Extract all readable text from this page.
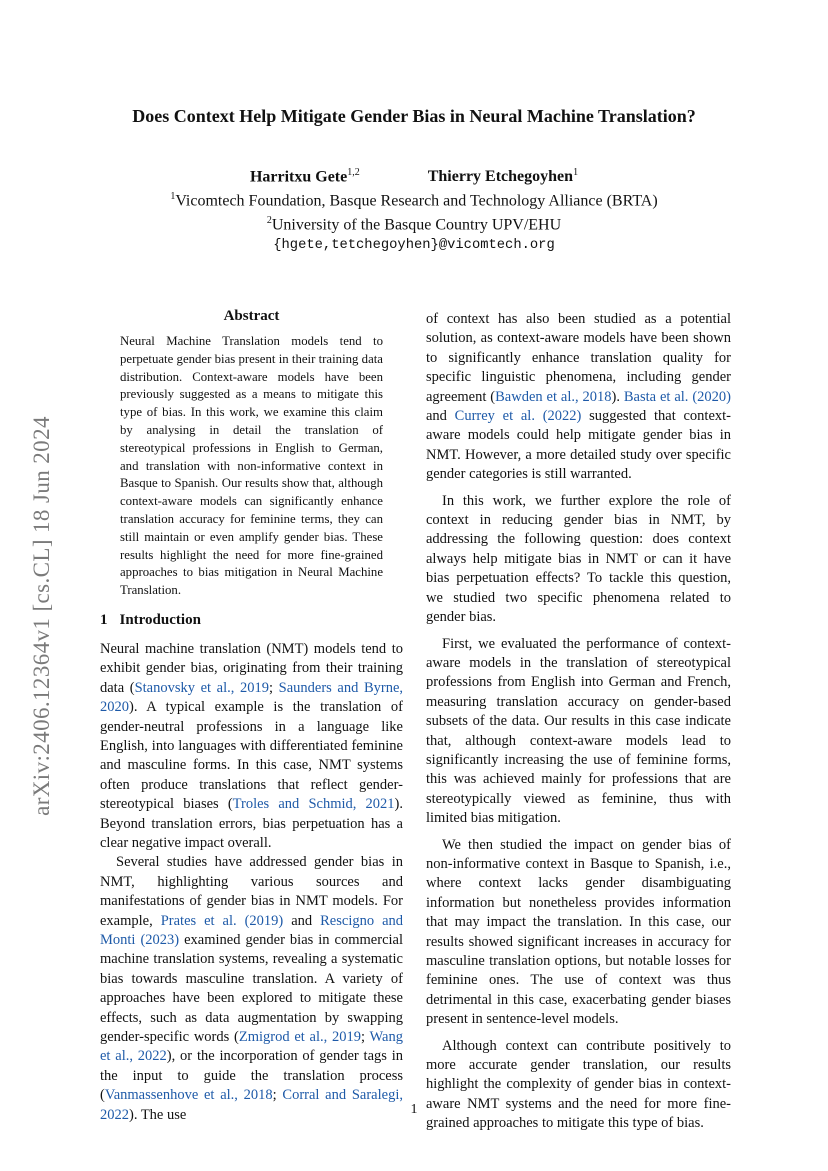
arXiv:2406.12364v1 [cs.CL] 18 Jun 2024
Does Context Help Mitigate Gender Bias in Neural Machine Translation?
Harritxu Gete$^{1,2}$	Thierry Etchegoyhen$^1$
$^1$Vicomtech Foundation, Basque Research and Technology Alliance (BRTA)
$^2$University of the Basque Country UPV/EHU
{hgete,tetchegoyhen}@vicomtech.org
Abstract
Neural Machine Translation models tend to perpetuate gender bias present in their training data distribution. Context-aware models have been previously suggested as a means to mitigate this type of bias. In this work, we examine this claim by analysing in detail the translation of stereotypical professions in English to German, and translation with non-informative context in Basque to Spanish. Our results show that, although context-aware models can significantly enhance translation accuracy for feminine terms, they can still maintain or even amplify gender bias. These results highlight the need for more fine-grained approaches to bias mitigation in Neural Machine Translation.
1 Introduction

Neural machine translation (NMT) models tend to exhibit gender bias, originating from their training data (Stanovsky et al., 2019; Saunders and Byrne, 2020). A typical example is the translation of gender-neutral professions in a language like English, into languages with differentiated feminine and masculine forms. In this case, NMT systems often produce translations that reflect gender-stereotypical biases (Troles and Schmid, 2021). Beyond translation errors, bias perpetuation has a clear negative impact overall.

Several studies have addressed gender bias in NMT, highlighting various sources and manifestations of gender bias in NMT models. For example, Prates et al. (2019) and Rescigno and Monti (2023) examined gender bias in commercial machine translation systems, revealing a systematic bias towards masculine translation. A variety of approaches have been explored to mitigate these effects, such as data augmentation by swapping gender-specific words (Zmigrod et al., 2019; Wang et al., 2022), or the incorporation of gender tags in the input to guide the translation process (Vanmassenhove et al., 2018; Corral and Saralegi, 2022). The use

of context has also been studied as a potential solution, as context-aware models have been shown to significantly enhance translation quality for specific linguistic phenomena, including gender agreement (Bawden et al., 2018). Basta et al. (2020) and Currey et al. (2022) suggested that context-aware models could help mitigate gender bias in NMT. However, a more detailed study over specific gender categories is still warranted.

In this work, we further explore the role of context in reducing gender bias in NMT, by addressing the following question: does context always help mitigate bias in NMT or can it have bias perpetuation effects? To tackle this question, we studied two specific phenomena related to gender bias.

First, we evaluated the performance of context-aware models in the translation of stereotypical professions from English into German and French, measuring translation accuracy on gender-based subsets of the data. Our results in this case indicate that, although context-aware models lead to significantly increasing the use of feminine forms, this was achieved mainly for professions that are stereotypically viewed as feminine, thus with limited bias mitigation.

We then studied the impact on gender bias of non-informative context in Basque to Spanish, i.e., where context lacks gender disambiguating information but nonetheless provides information that may impact the translation. In this case, our results showed significant increases in accuracy for masculine translation options, but notable losses for feminine ones. The use of context was thus detrimental in this case, exacerbating gender biases present in sentence-level models.

Although context can contribute positively to more accurate gender translation, our results highlight the complexity of gender bias in context-aware NMT systems and the need for more fine-grained approaches to mitigate this type of bias.

1
